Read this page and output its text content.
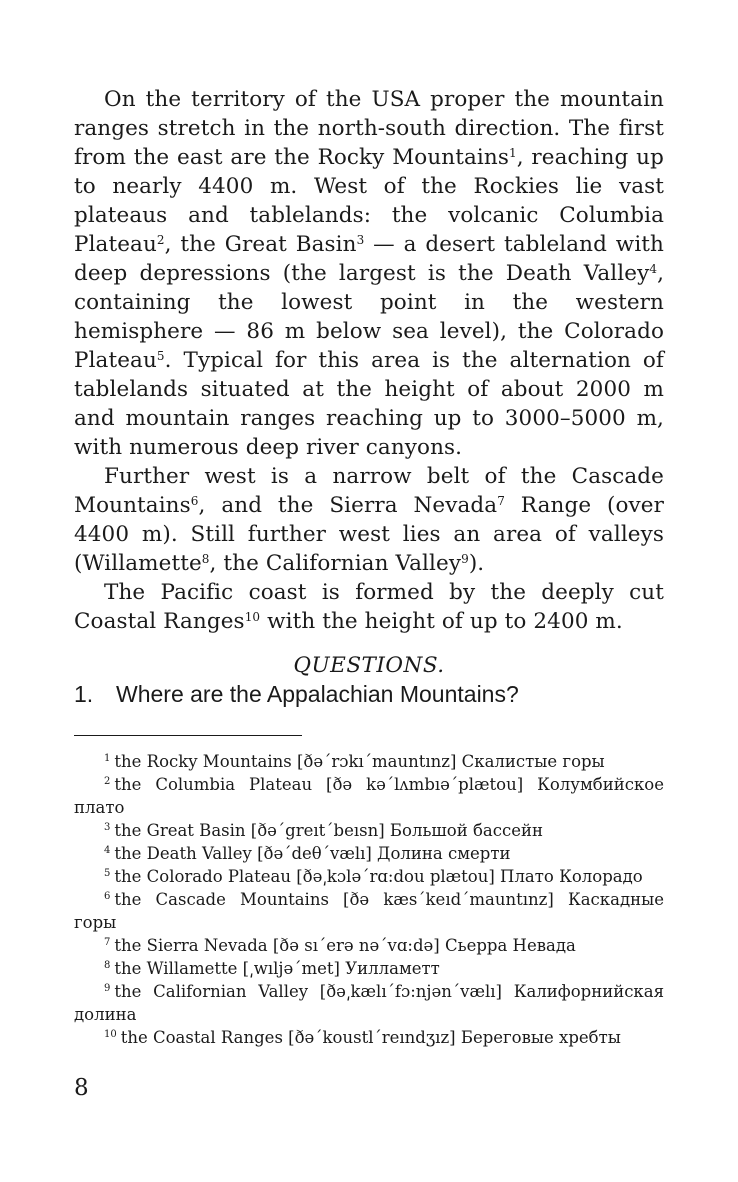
On the territory of the USA proper the mountain ranges stretch in the north-south direction. The first from the east are the Rocky Mountains$^1$, reaching up to nearly 4400 m. West of the Rockies lie vast plateaus and tablelands: the volcanic Columbia Plateau$^2$, the Great Basin$^3$ — a desert tableland with deep depressions (the largest is the Death Valley$^4$, containing the lowest point in the western hemisphere — 86 m below sea level), the Colorado Plateau$^5$. Typical for this area is the alternation of tablelands situated at the height of about 2000 m and mountain ranges reaching up to 3000–5000 m, with numerous deep river canyons.

Further west is a narrow belt of the Cascade Mountains$^6$, and the Sierra Nevada$^7$ Range (over 4400 m). Still further west lies an area of valleys (Willamette$^8$, the Californian Valley$^9$).

The Pacific coast is formed by the deeply cut Coastal Ranges$^{10}$ with the height of up to 2400 m.

QUESTIONS.

1. Where are the Appalachian Mountains?

$^1$ the Rocky Mountains [ðə´rɔkı´mauntınz] Скалистые горы
$^2$ the Columbia Plateau [ðə kə´lʌmbıə´plætou] Колумбийское плато
$^3$ the Great Basin [ðə´greıt´beısn] Большой бассейн
$^4$ the Death Valley [ðə´deθ´vælı] Долина смерти
$^5$ the Colorado Plateau [ðə͵kɔlə´rɑ:dou plætou] Плато Колорадо
$^6$ the Cascade Mountains [ðə kæs´keıd´mauntınz] Каскадные горы
$^7$ the Sierra Nevada [ðə sı´erə nə´vɑ:də] Сьерра Невада
$^8$ the Willamette [͵wıljə´met] Уилламетт
$^9$ the Californian Valley [ðə͵kælı´fɔ:njən´vælı] Калифорнийская долина
$^{10}$ the Coastal Ranges [ðə´koustl´reındʒız] Береговые хребты
8
